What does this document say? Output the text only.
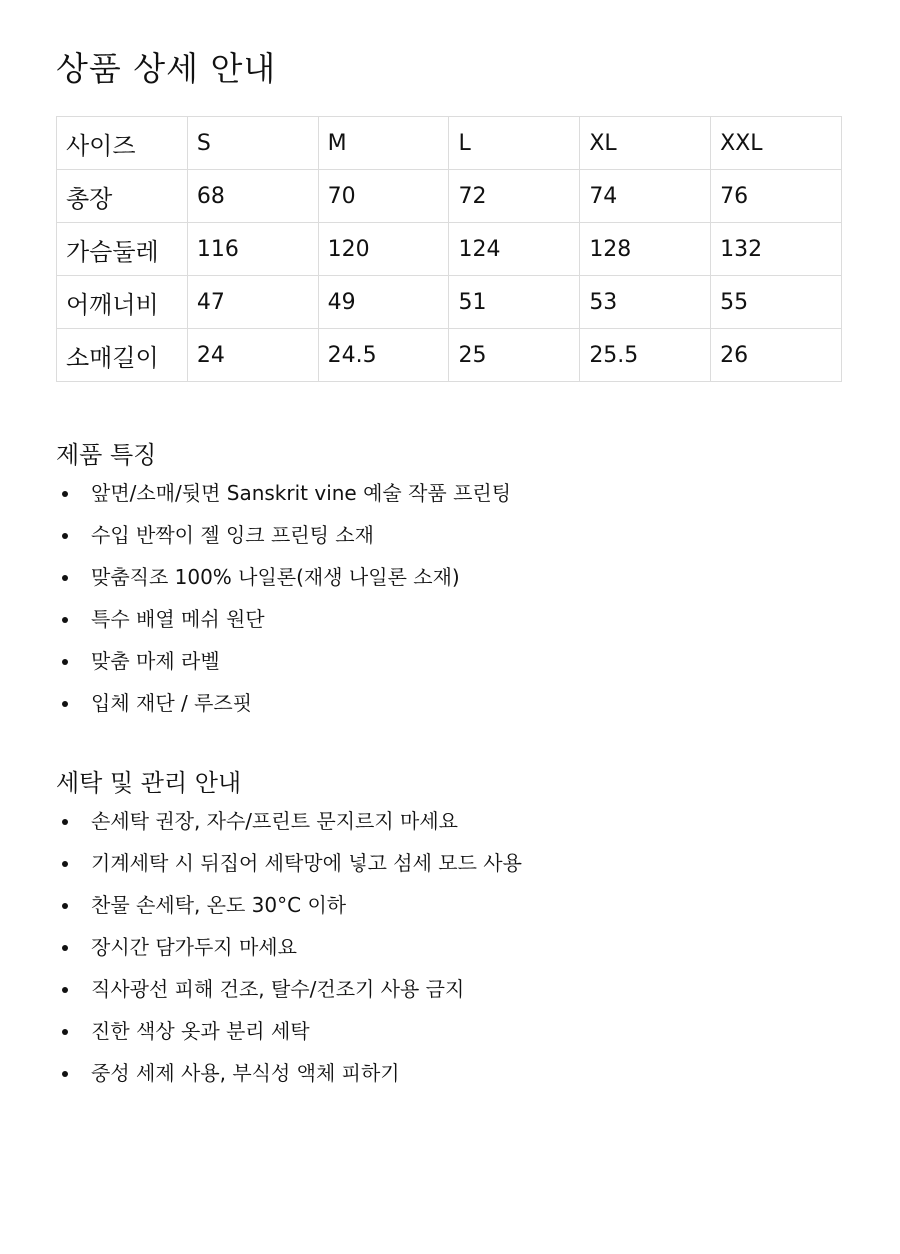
상품 상세 안내
사이즈	S	M	L	XL	XXL
총장	68	70	72	74	76
가슴둘레	116	120	124	128	132
어깨너비	47	49	51	53	55
소매길이	24	24.5	25	25.5	26
제품 특징
앞면/소매/뒷면 Sanskrit vine 예술 작품 프린팅
수입 반짝이 젤 잉크 프린팅 소재
맞춤직조 100% 나일론(재생 나일론 소재)
특수 배열 메쉬 원단
맞춤 마제 라벨
입체 재단 / 루즈핏
세탁 및 관리 안내
손세탁 권장, 자수/프린트 문지르지 마세요
기계세탁 시 뒤집어 세탁망에 넣고 섬세 모드 사용
찬물 손세탁, 온도 30°C 이하
장시간 담가두지 마세요
직사광선 피해 건조, 탈수/건조기 사용 금지
진한 색상 옷과 분리 세탁
중성 세제 사용, 부식성 액체 피하기
